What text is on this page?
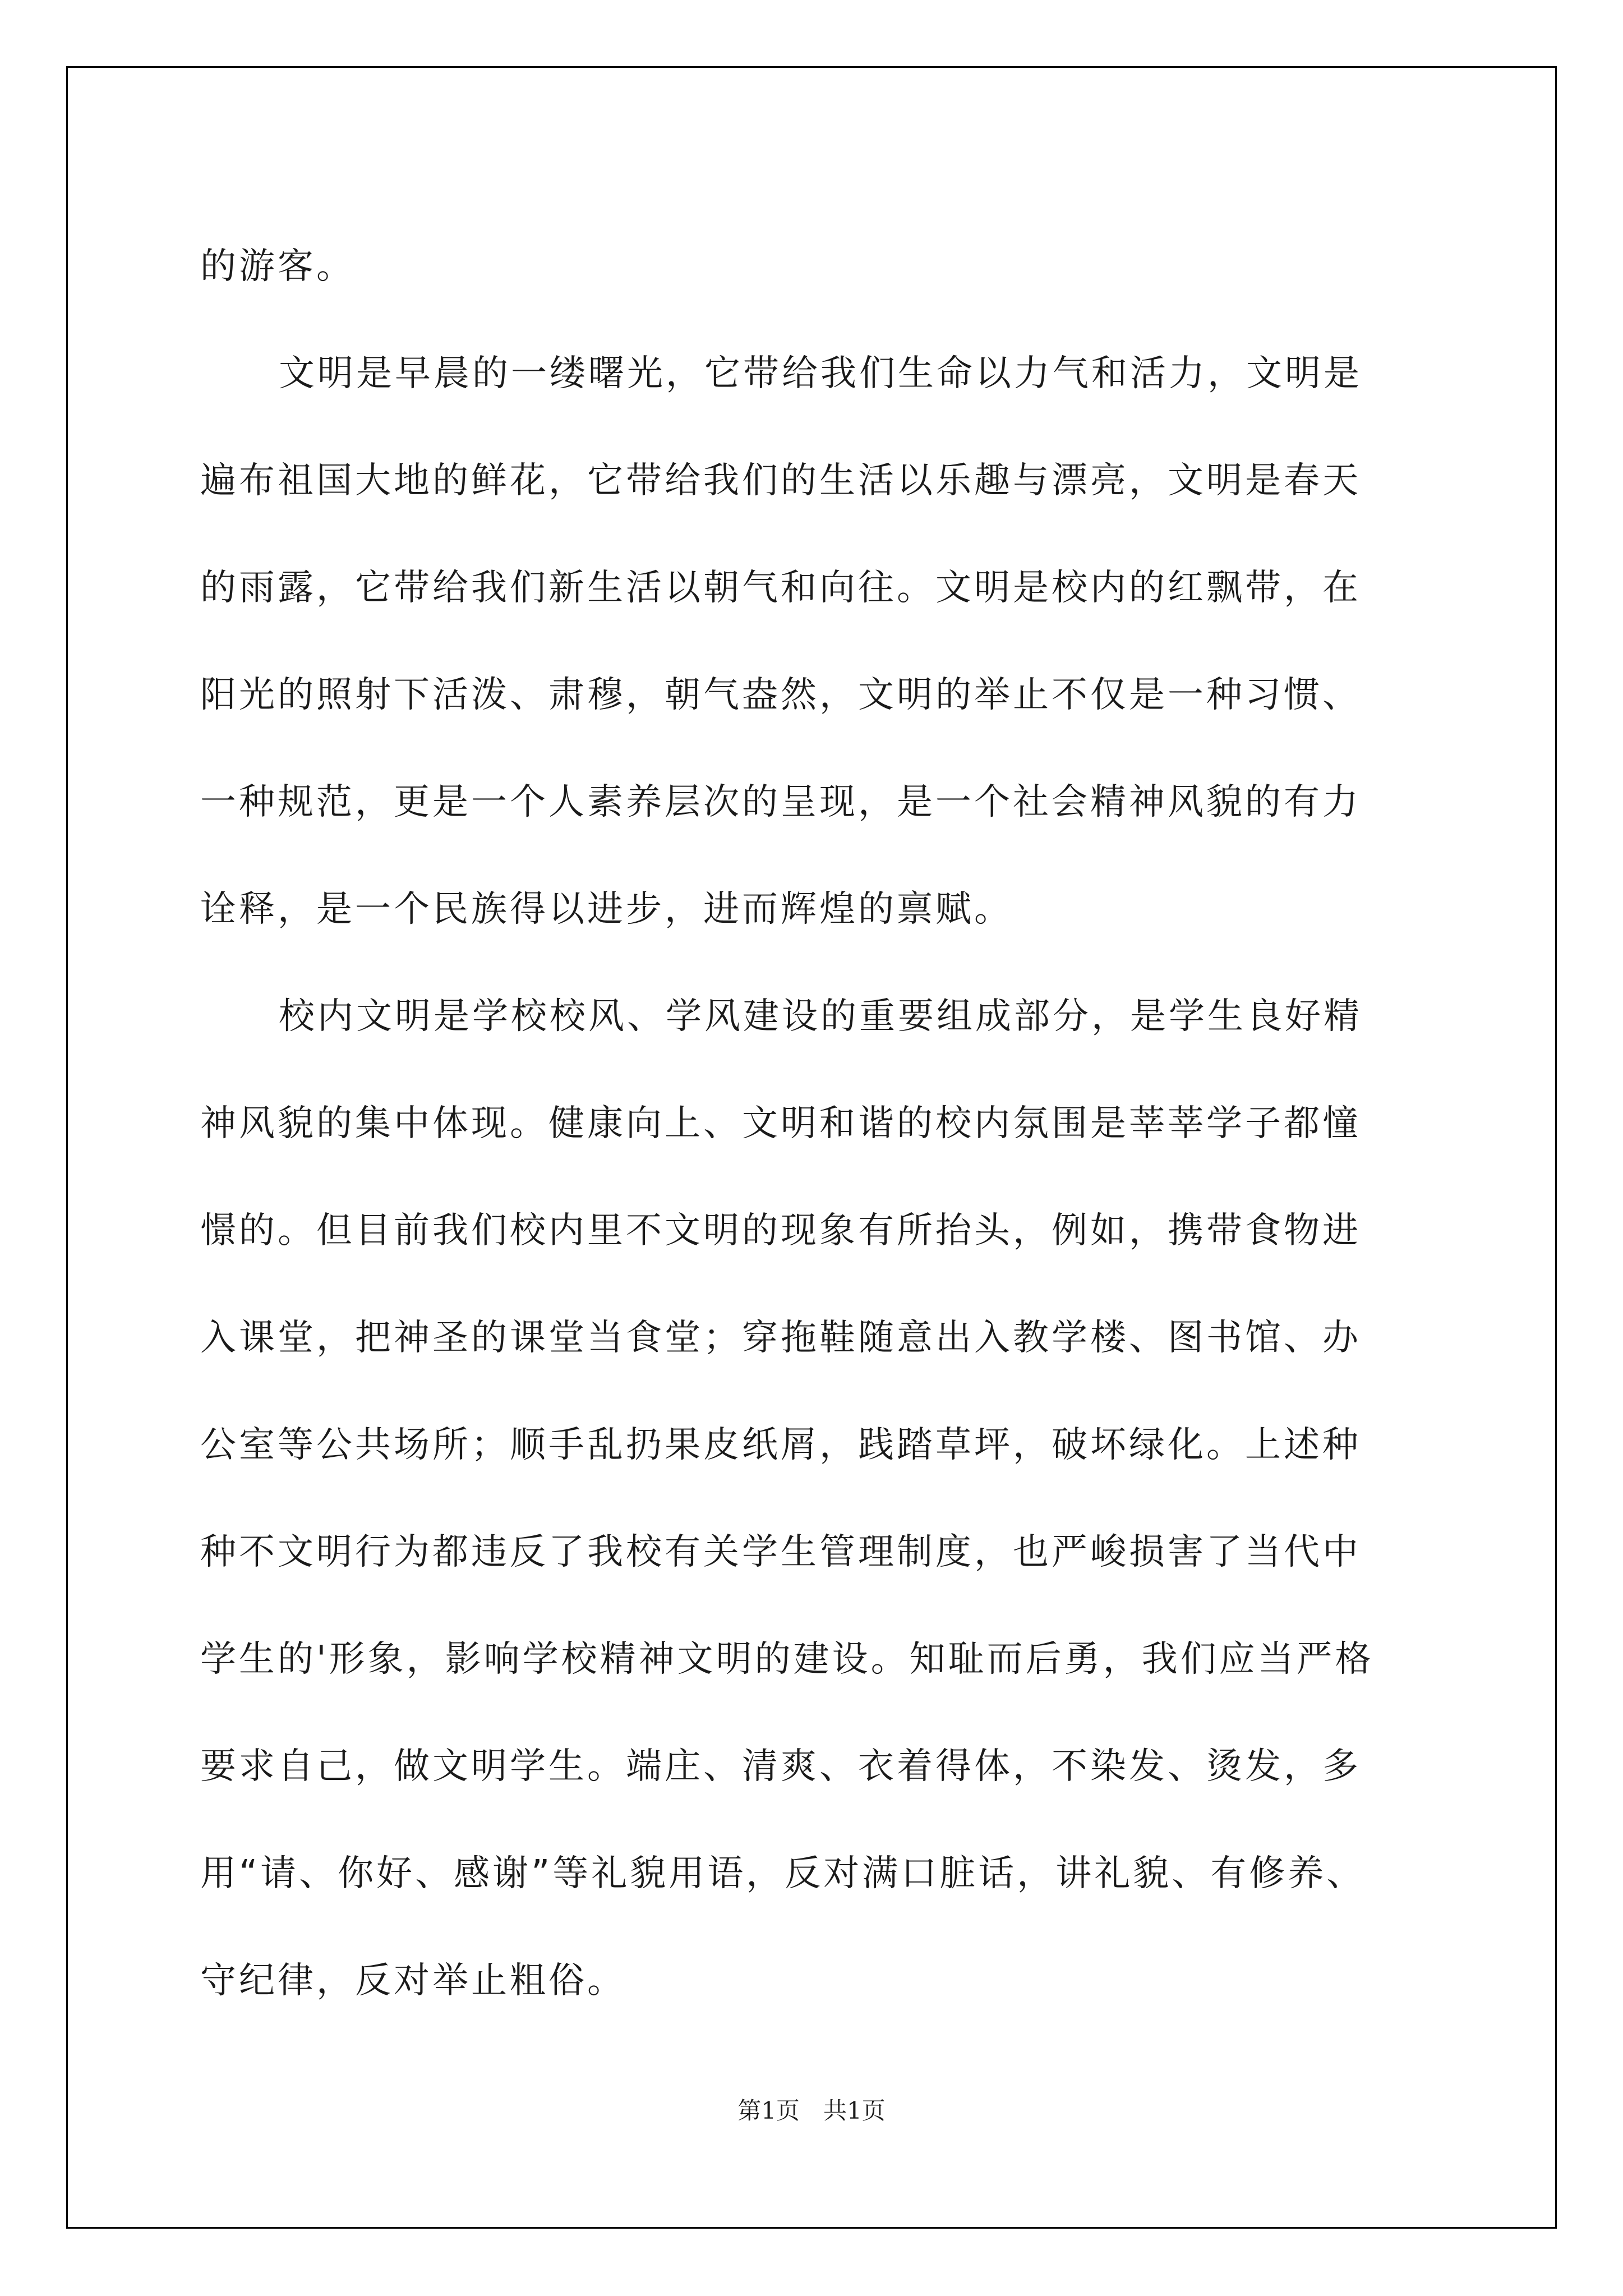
的游客。
文明是早晨的一缕曙光，它带给我们生命以力气和活力，文明是
遍布祖国大地的鲜花，它带给我们的生活以乐趣与漂亮，文明是春天
的雨露，它带给我们新生活以朝气和向往。文明是校内的红飘带，在
阳光的照射下活泼、肃穆，朝气盎然，文明的举止不仅是一种习惯、
一种规范，更是一个人素养层次的呈现，是一个社会精神风貌的有力
诠释，是一个民族得以进步，进而辉煌的禀赋。
校内文明是学校校风、学风建设的重要组成部分，是学生良好精
神风貌的集中体现。健康向上、文明和谐的校内氛围是莘莘学子都憧
憬的。但目前我们校内里不文明的现象有所抬头，例如，携带食物进
入课堂，把神圣的课堂当食堂；穿拖鞋随意出入教学楼、图书馆、办
公室等公共场所；顺手乱扔果皮纸屑，践踏草坪，破坏绿化。上述种
种不文明行为都违反了我校有关学生管理制度，也严峻损害了当代中
学生的'形象，影响学校精神文明的建设。知耻而后勇，我们应当严格
要求自己，做文明学生。端庄、清爽、衣着得体，不染发、烫发，多
用“请、你好、感谢”等礼貌用语，反对满口脏话，讲礼貌、有修养、
守纪律，反对举止粗俗。
第1页　共1页
